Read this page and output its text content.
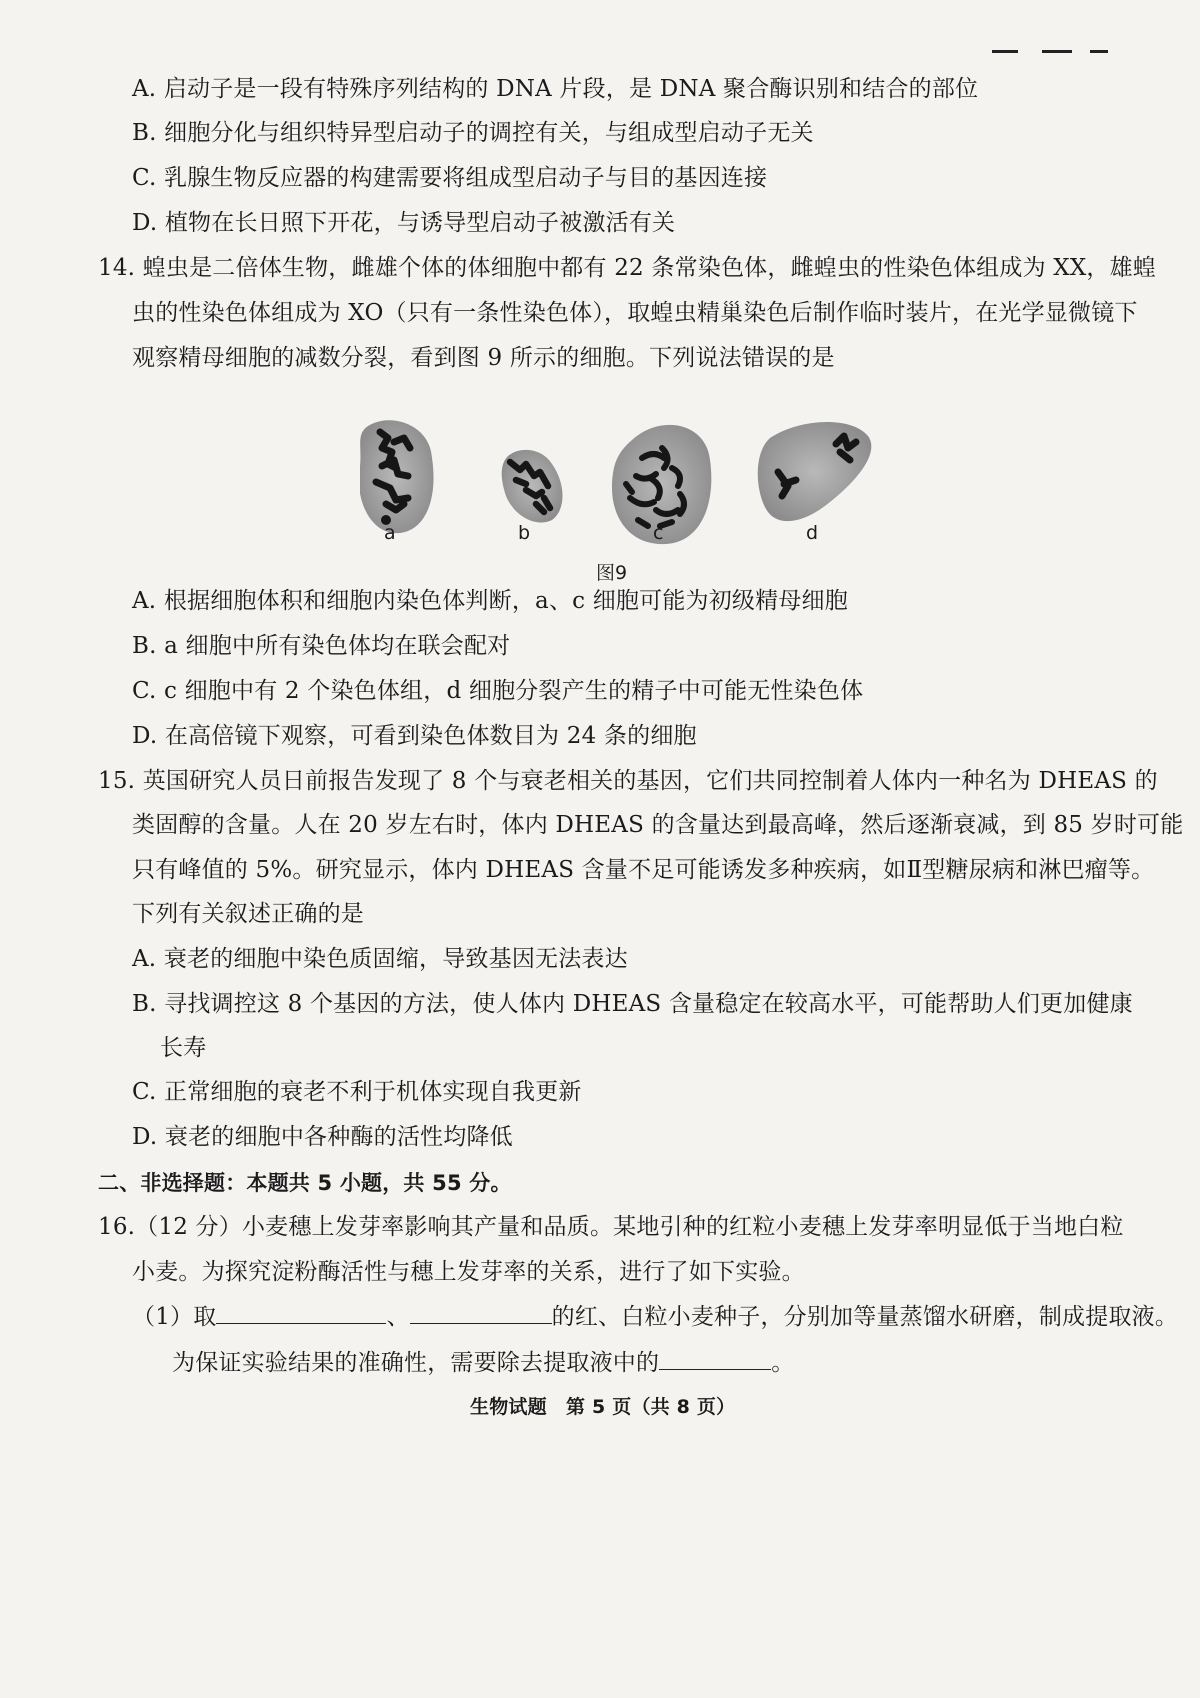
A. 启动子是一段有特殊序列结构的 DNA 片段，是 DNA 聚合酶识别和结合的部位
B. 细胞分化与组织特异型启动子的调控有关，与组成型启动子无关
C. 乳腺生物反应器的构建需要将组成型启动子与目的基因连接
D. 植物在长日照下开花，与诱导型启动子被激活有关
14. 蝗虫是二倍体生物，雌雄个体的体细胞中都有 22 条常染色体，雌蝗虫的性染色体组成为 XX，雄蝗
虫的性染色体组成为 XO（只有一条性染色体），取蝗虫精巢染色后制作临时装片，在光学显微镜下
观察精母细胞的减数分裂，看到图 9 所示的细胞。下列说法错误的是
a	b	c	d
图9
A. 根据细胞体积和细胞内染色体判断，a、c 细胞可能为初级精母细胞
B. a 细胞中所有染色体均在联会配对
C. c 细胞中有 2 个染色体组，d 细胞分裂产生的精子中可能无性染色体
D. 在高倍镜下观察，可看到染色体数目为 24 条的细胞
15. 英国研究人员日前报告发现了 8 个与衰老相关的基因，它们共同控制着人体内一种名为 DHEAS 的
类固醇的含量。人在 20 岁左右时，体内 DHEAS 的含量达到最高峰，然后逐渐衰减，到 85 岁时可能
只有峰值的 5%。研究显示，体内 DHEAS 含量不足可能诱发多种疾病，如Ⅱ型糖尿病和淋巴瘤等。
下列有关叙述正确的是
A. 衰老的细胞中染色质固缩，导致基因无法表达
B. 寻找调控这 8 个基因的方法，使人体内 DHEAS 含量稳定在较高水平，可能帮助人们更加健康
长寿
C. 正常细胞的衰老不利于机体实现自我更新
D. 衰老的细胞中各种酶的活性均降低
二、非选择题：本题共 5 小题，共 55 分。
16.（12 分）小麦穗上发芽率影响其产量和品质。某地引种的红粒小麦穗上发芽率明显低于当地白粒
小麦。为探究淀粉酶活性与穗上发芽率的关系，进行了如下实验。
（1）取	、	的红、白粒小麦种子，分别加等量蒸馏水研磨，制成提取液。
为保证实验结果的准确性，需要除去提取液中的	。
生物试题　第 5 页（共 8 页）
